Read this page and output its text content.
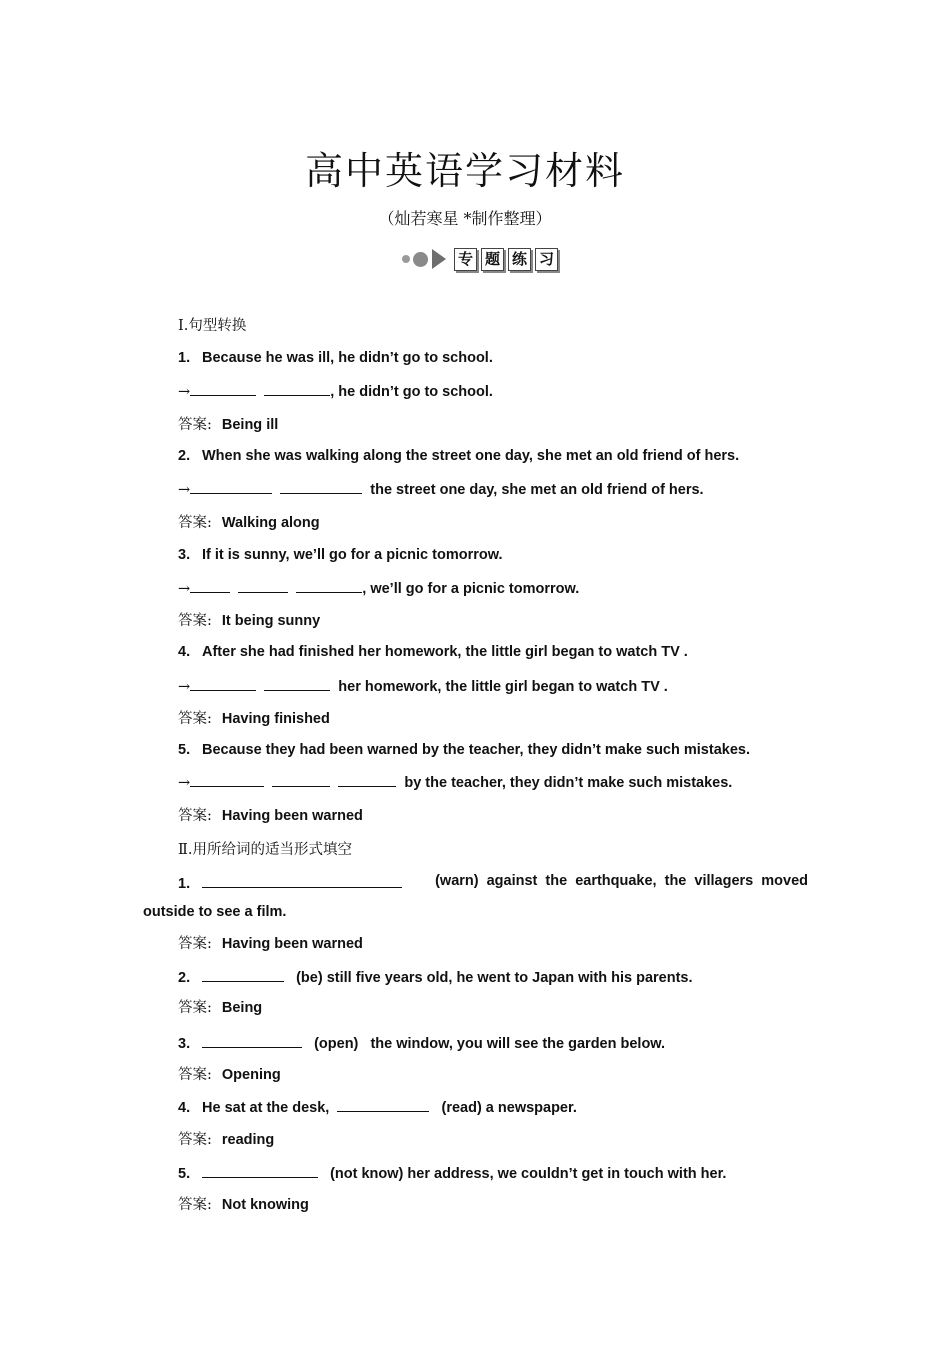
高中英语学习材料
（灿若寒星 *制作整理）
专 题 练 习
Ⅰ.句型转换
1. Because he was ill, he didn’t go to school.
→	, he didn’t go to school.
答案: Being ill
2. When she was walking along the street one day, she met an old friend of hers.
→	the street one day, she met an old friend of hers.
答案: Walking along
3. If it is sunny, we’ll go for a picnic tomorrow.
→	, we’ll go for a picnic tomorrow.
答案: It being sunny
4. After she had finished her homework, the little girl began to watch TV .
→	her homework, the little girl began to watch TV .
答案: Having finished
5. Because they had been warned by the teacher, they didn’t make such mistakes.
→	by the teacher, they didn’t make such mistakes.
答案: Having been warned
Ⅱ.用所给词的适当形式填空
1.	(warn) against the earthquake, the villagers moved
outside to see a film.
答案: Having been warned
2.	(be) still five years old, he went to Japan with his parents.
答案: Being
3.	(open)   the window, you will see the garden below.
答案: Opening
4. He sat at the desk,	(read) a newspaper.
答案: reading
5.	(not know) her address, we couldn’t get in touch with her.
答案: Not knowing
